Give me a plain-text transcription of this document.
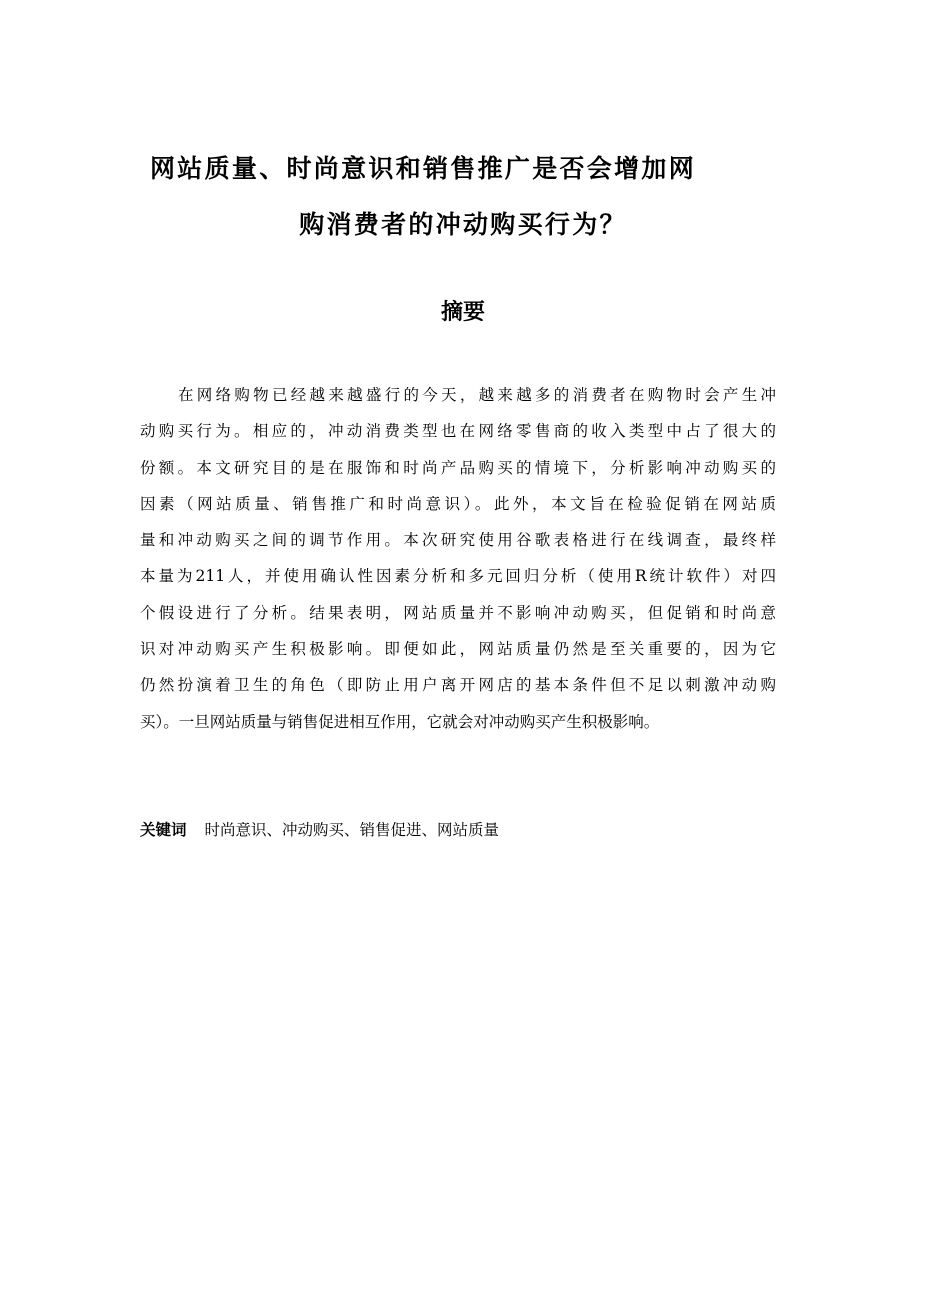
网站质量、时尚意识和销售推广是否会增加网
购消费者的冲动购买行为？
摘要
在网络购物已经越来越盛行的今天，越来越多的消费者在购物时会产生冲
动购买行为。相应的，冲动消费类型也在网络零售商的收入类型中占了很大的
份额。本文研究目的是在服饰和时尚产品购买的情境下，分析影响冲动购买的
因素（网站质量、销售推广和时尚意识）。此外，本文旨在检验促销在网站质
量和冲动购买之间的调节作用。本次研究使用谷歌表格进行在线调查，最终样
本量为211人，并使用确认性因素分析和多元回归分析（使用R统计软件）对四
个假设进行了分析。结果表明，网站质量并不影响冲动购买，但促销和时尚意
识对冲动购买产生积极影响。即便如此，网站质量仍然是至关重要的，因为它
仍然扮演着卫生的角色（即防止用户离开网店的基本条件但不足以刺激冲动购
买）。一旦网站质量与销售促进相互作用，它就会对冲动购买产生积极影响。
关键词 时尚意识、冲动购买、销售促进、网站质量
